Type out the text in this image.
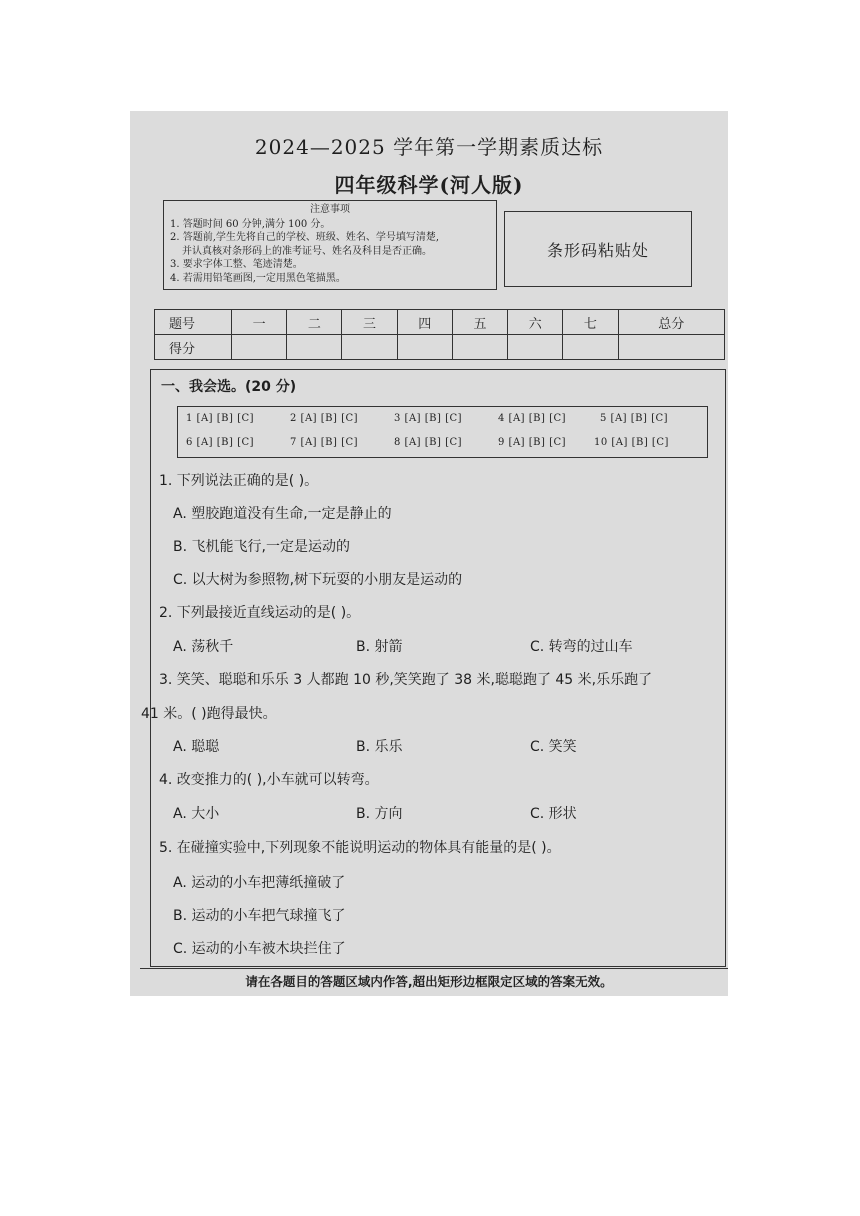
2024—2025 学年第一学期素质达标
四年级科学(河人版)
注意事项
1. 答题时间 60 分钟,满分 100 分。
2. 答题前,学生先将自己的学校、班级、姓名、学号填写清楚,
并认真核对条形码上的准考证号、姓名及科目是否正确。
3. 要求字体工整、笔迹清楚。
4. 若需用铅笔画图,一定用黑色笔描黑。
条形码粘贴处
题号	一	二	三	四	五	六	七	总分
得分								
一、我会选。(20 分)
1 [A] [B] [C]	2 [A] [B] [C]	3 [A] [B] [C]	4 [A] [B] [C]	5 [A] [B] [C]
6 [A] [B] [C]	7 [A] [B] [C]	8 [A] [B] [C]	9 [A] [B] [C]	10 [A] [B] [C]
1. 下列说法正确的是( )。
A. 塑胶跑道没有生命,一定是静止的
B. 飞机能飞行,一定是运动的
C. 以大树为参照物,树下玩耍的小朋友是运动的
2. 下列最接近直线运动的是( )。
A. 荡秋千	B. 射箭	C. 转弯的过山车
3. 笑笑、聪聪和乐乐 3 人都跑 10 秒,笑笑跑了 38 米,聪聪跑了 45 米,乐乐跑了
41 米。( )跑得最快。
A. 聪聪	B. 乐乐	C. 笑笑
4. 改变推力的( ),小车就可以转弯。
A. 大小	B. 方向	C. 形状
5. 在碰撞实验中,下列现象不能说明运动的物体具有能量的是( )。
A. 运动的小车把薄纸撞破了
B. 运动的小车把气球撞飞了
C. 运动的小车被木块拦住了
请在各题目的答题区域内作答,超出矩形边框限定区域的答案无效。
